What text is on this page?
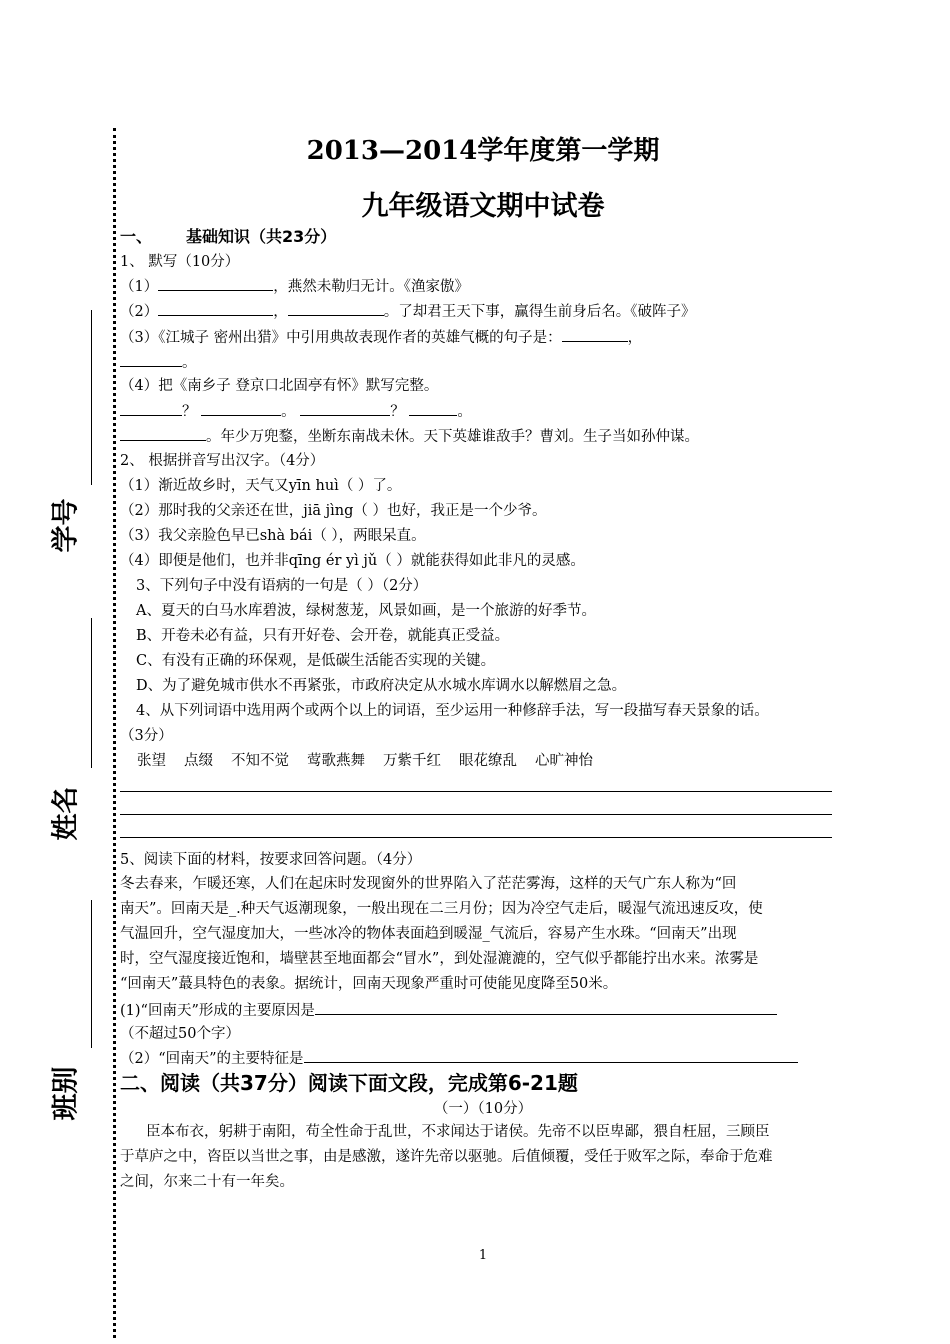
学号
姓名
班别
2013—2014学年度第一学期
九年级语文期中试卷
一、 基础知识（共23分）
1、 默写（10分）
（1）	，燕然未勒归无计。《渔家傲》
（2）	，	。了却君王天下事，赢得生前身后名。《破阵子》
（3）《江城子 密州出猎》中引用典故表现作者的英雄气概的句子是：	，
。
（4）把《南乡子 登京口北固亭有怀》默写完整。
？	。	？	。
。年少万兜鍪，坐断东南战未休。天下英雄谁敌手？曹刘。生子当如孙仲谋。
2、 根据拼音写出汉字。（4分）
（1）渐近故乡时，天气又yīn huì（ ）了。
（2）那时我的父亲还在世，jiā jìng（ ）也好，我正是一个少爷。
（3）我父亲脸色早已shà bái（ ），两眼呆直。
（4）即便是他们，也并非qīng ér yì jǔ（ ）就能获得如此非凡的灵感。
3、下列句子中没有语病的一句是（ ）（2分）
A、夏天的白马水库碧波，绿树葱茏，风景如画，是一个旅游的好季节。
B、开卷未必有益，只有开好卷、会开卷，就能真正受益。
C、有没有正确的环保观，是低碳生活能否实现的关键。
D、为了避免城市供水不再紧张，市政府决定从水城水库调水以解燃眉之急。
4、从下列词语中选用两个或两个以上的词语，至少运用一种修辞手法，写一段描写春天景象的话。
（3分）
张望 点缀 不知不觉 莺歌燕舞 万紫千红 眼花缭乱 心旷神怡
5、阅读下面的材料，按要求回答问题。（4分）
冬去春来，乍暖还寒，人们在起床时发现窗外的世界陷入了茫茫雾海，这样的天气广东人称为“回
南天”。回南天是_.种天气返潮现象，一般出现在二三月份；因为冷空气走后，暖湿气流迅速反攻，使
气温回升，空气湿度加大，一些冰冷的物体表面趋到暖湿_气流后，容易产生水珠。“回南天”出现
时，空气湿度接近饱和，墙壁甚至地面都会“冒水”，到处湿漉漉的，空气似乎都能拧出水来。浓雾是
“回南天”蕞具特色的表象。据统计，回南天现象严重时可使能见度降至50米。
(1)“回南天”形成的主要原因是
（不超过50个字）
（2）“回南天”的主要特征是
二、阅读（共37分）阅读下面文段，完成第6-21题
（一）（10分）
臣本布衣，躬耕于南阳，苟全性命于乱世，不求闻达于诸侯。先帝不以臣卑鄙，猥自枉屈，三顾臣
于草庐之中，咨臣以当世之事，由是感激，遂许先帝以驱驰。后值倾覆，受任于败军之际，奉命于危难
之间，尔来二十有一年矣。
1
